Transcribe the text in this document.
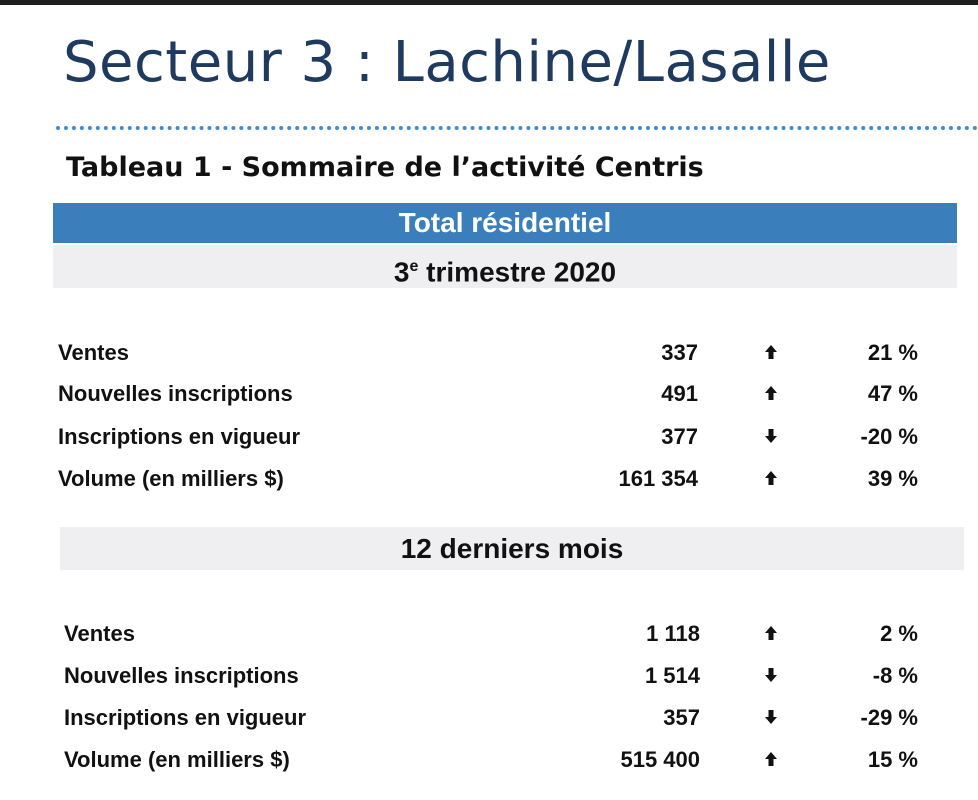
Secteur 3 : Lachine/Lasalle
Tableau 1 - Sommaire de l’activité Centris
Total résidentiel
3e trimestre 2020
Ventes	337	21 %
Nouvelles inscriptions	491	47 %
Inscriptions en vigueur	377	-20 %
Volume (en milliers $)	161 354	39 %
12 derniers mois
Ventes	1 118	2 %
Nouvelles inscriptions	1 514	-8 %
Inscriptions en vigueur	357	-29 %
Volume (en milliers $)	515 400	15 %
